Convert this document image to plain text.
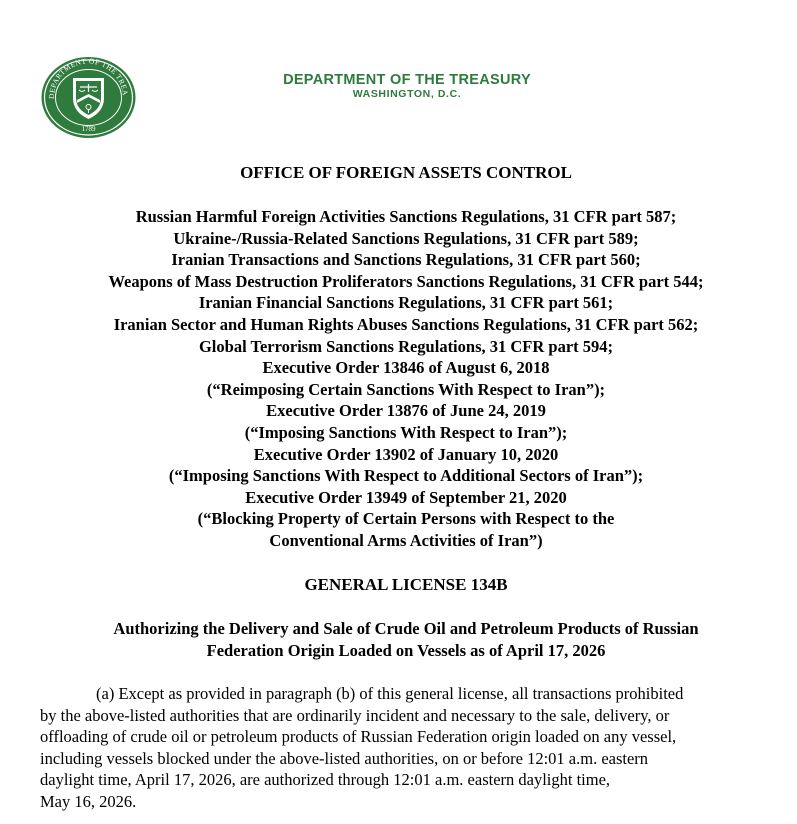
DEPARTMENT OF THE TREA
1789
DEPARTMENT OF THE TREASURY
WASHINGTON, D.C.
OFFICE OF FOREIGN ASSETS CONTROL
Russian Harmful Foreign Activities Sanctions Regulations, 31 CFR part 587;
Ukraine-/Russia-Related Sanctions Regulations, 31 CFR part 589;
Iranian Transactions and Sanctions Regulations, 31 CFR part 560;
Weapons of Mass Destruction Proliferators Sanctions Regulations, 31 CFR part 544;
Iranian Financial Sanctions Regulations, 31 CFR part 561;
Iranian Sector and Human Rights Abuses Sanctions Regulations, 31 CFR part 562;
Global Terrorism Sanctions Regulations, 31 CFR part 594;
Executive Order 13846 of August 6, 2018
(“Reimposing Certain Sanctions With Respect to Iran”);
Executive Order 13876 of June 24, 2019
(“Imposing Sanctions With Respect to Iran”);
Executive Order 13902 of January 10, 2020
(“Imposing Sanctions With Respect to Additional Sectors of Iran”);
Executive Order 13949 of September 21, 2020
(“Blocking Property of Certain Persons with Respect to the
Conventional Arms Activities of Iran”)
GENERAL LICENSE 134B
Authorizing the Delivery and Sale of Crude Oil and Petroleum Products of Russian
Federation Origin Loaded on Vessels as of April 17, 2026

(a) Except as provided in paragraph (b) of this general license, all transactions prohibited
by the above-listed authorities that are ordinarily incident and necessary to the sale, delivery, or
offloading of crude oil or petroleum products of Russian Federation origin loaded on any vessel,
including vessels blocked under the above-listed authorities, on or before 12:01 a.m. eastern
daylight time, April 17, 2026, are authorized through 12:01 a.m. eastern daylight time,
May 16, 2026.
